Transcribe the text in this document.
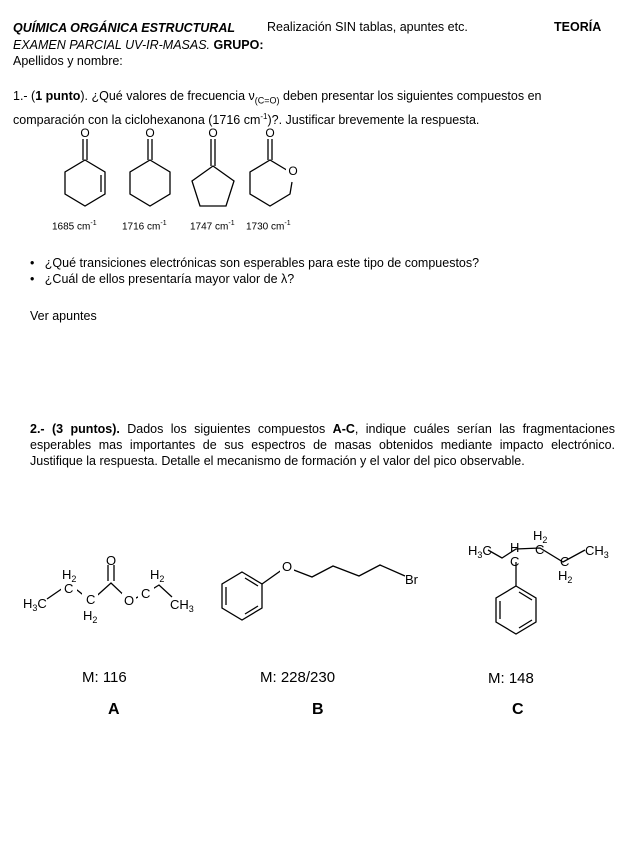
QUÍMICA ORGÁNICA ESTRUCTURAL	Realización SIN tablas, apuntes etc.	TEORÍA
EXAMEN PARCIAL UV-IR-MASAS. GRUPO:
Apellidos y nombre:
1.- (1 punto). ¿Qué valores de frecuencia $\nu_{(C=O)}$ deben presentar los siguientes compuestos en comparación con la ciclohexanona (1716 $cm^{-1}$)?. Justificar brevemente la respuesta.
O	O	O	O
O
1685 $cm^{-1}$	1716 $cm^{-1}$ 1747 $cm^{-1}$ 1730 $cm^{-1}$
•   ¿Qué transiciones electrónicas son esperables para este tipo de compuestos?
•   ¿Cuál de ellos presentaría mayor valor de λ?
Ver apuntes
2.- (3 puntos). Dados los siguientes compuestos A-C, indique cuáles serían las fragmentaciones esperables mas importantes de sus espectros de masas obtenidos mediante impacto electrónico. Justifique la respuesta. Detalle el mecanismo de formación y el valor del pico observable.
$H_3C$
$H_2$
C
C
$H_2$
O
O
$H_2$
C
$CH_3$
O
Br
$H_3C$ H
C
$H_2$
C
C
$H_2$
$CH_3$
M: 116	M: 228/230	M: 148
A	B	C
